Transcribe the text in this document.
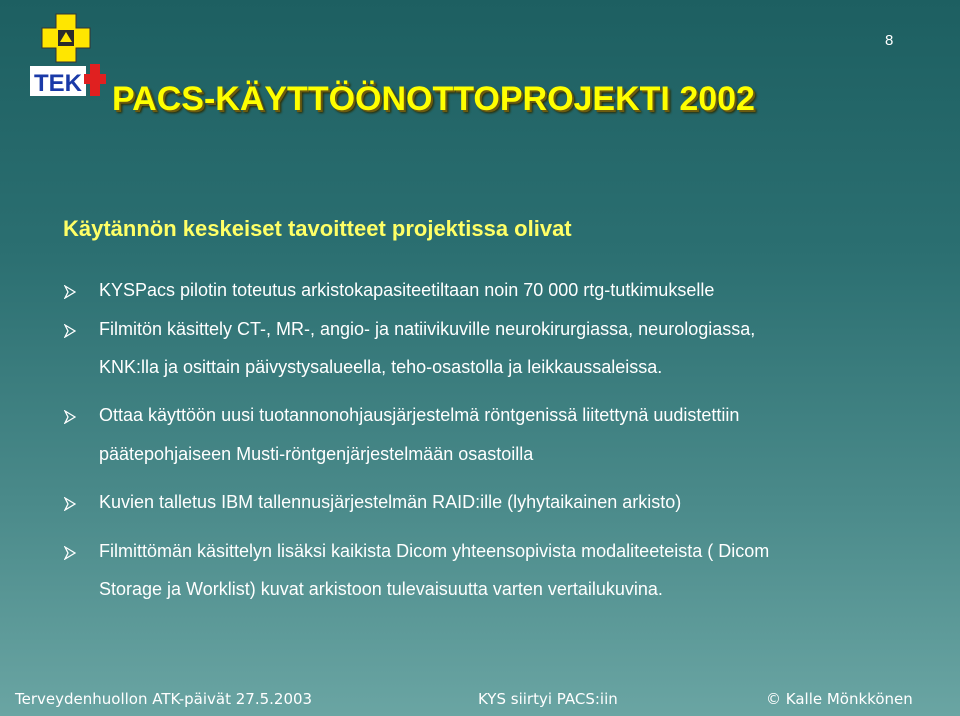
8
TEK PACS-KÄYTTÖÖNOTTOPROJEKTI 2002
Käytännön keskeiset tavoitteet projektissa olivat
KYSPacs pilotin toteutus arkistokapasiteetiltaan noin 70 000 rtg-tutkimukselle
Filmitön käsittely CT-, MR-, angio- ja natiivikuville neurokirurgiassa, neurologiassa,
KNK:lla ja osittain päivystysalueella, teho-osastolla ja leikkaussaleissa.
Ottaa käyttöön uusi tuotannonohjausjärjestelmä röntgenissä liitettynä uudistettiin
päätepohjaiseen Musti-röntgenjärjestelmään osastoilla
Kuvien talletus IBM tallennusjärjestelmän RAID:ille (lyhytaikainen arkisto)
Filmittömän käsittelyn lisäksi kaikista Dicom yhteensopivista modaliteeteista ( Dicom
Storage ja Worklist) kuvat arkistoon tulevaisuutta varten vertailukuvina.
Terveydenhuollon ATK-päivät 27.5.2003	KYS siirtyi PACS:iin	© Kalle Mönkkönen
